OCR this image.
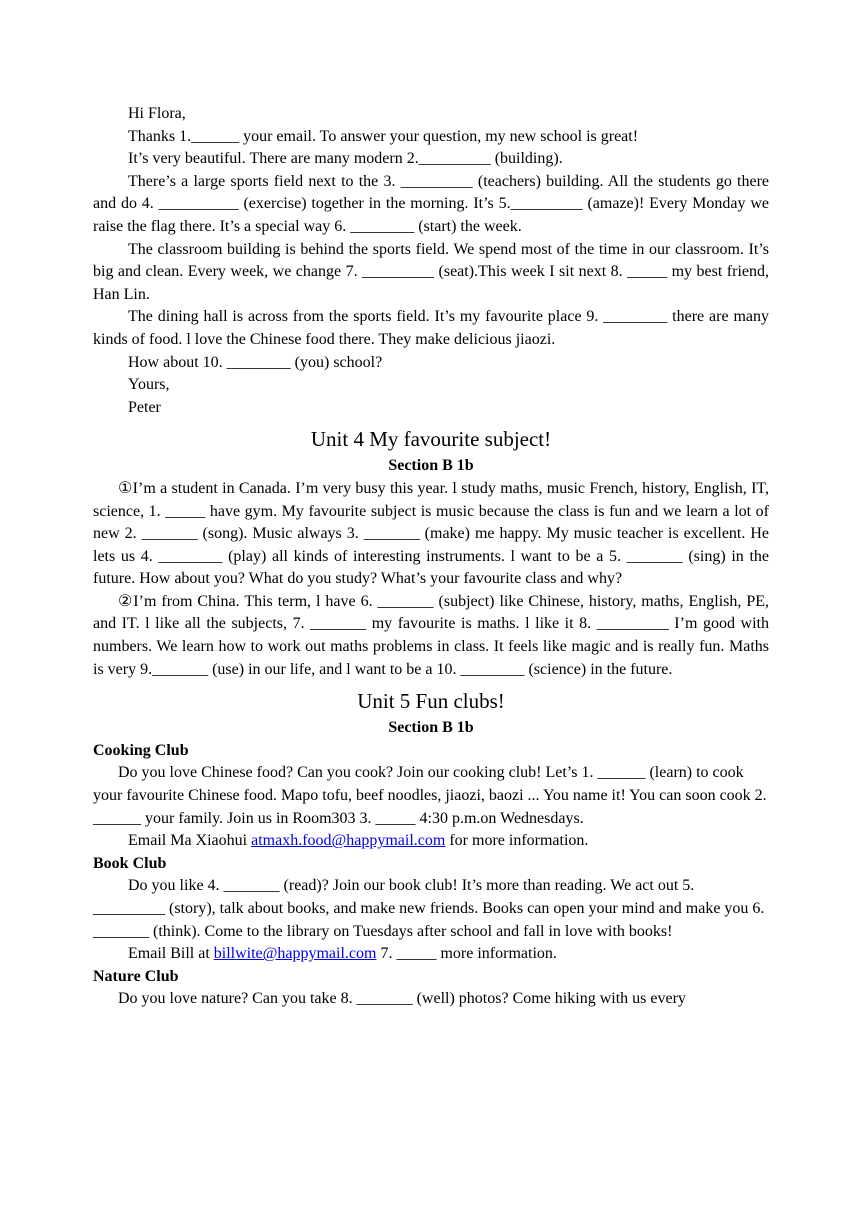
Hi Flora,

Thanks 1.______ your email. To answer your question, my new school is great!

It’s very beautiful. There are many modern 2._________ (building).

There’s a large sports field next to the 3. _________ (teachers) building. All the students go there and do 4. __________ (exercise) together in the morning. It’s 5._________ (amaze)! Every Monday we raise the flag there. It’s a special way 6. ________ (start) the week.

The classroom building is behind the sports field. We spend most of the time in our classroom. It’s big and clean. Every week, we change 7. _________ (seat).This week I sit next 8. _____ my best friend, Han Lin.

The dining hall is across from the sports field. It’s my favourite place 9. ________ there are many kinds of food. l love the Chinese food there. They make delicious jiaozi.

How about 10. ________ (you) school?

Yours,

Peter

Unit 4 My favourite subject!
Section B 1b

①I’m a student in Canada. I’m very busy this year. l study maths, music French, history, English, IT, science, 1. _____ have gym. My favourite subject is music because the class is fun and we learn a lot of new 2. _______ (song). Music always 3. _______ (make) me happy. My music teacher is excellent. He lets us 4. ________ (play) all kinds of interesting instruments. l want to be a 5. _______ (sing) in the future. How about you? What do you study? What’s your favourite class and why?

②I’m from China. This term, l have 6. _______ (subject) like Chinese, history, maths, English, PE, and IT. l like all the subjects, 7. _______ my favourite is maths. l like it 8. _________ I’m good with numbers. We learn how to work out maths problems in class. It feels like magic and is really fun. Maths is very 9._______ (use) in our life, and l want to be a 10. ________ (science) in the future.

Unit 5 Fun clubs!
Section B 1b
Cooking Club

Do you love Chinese food? Can you cook? Join our cooking club! Let’s 1. ______ (learn) to cook your favourite Chinese food. Mapo tofu, beef noodles, jiaozi, baozi ... You name it! You can soon cook 2. ______ your family. Join us in Room303 3. _____ 4:30 p.m.on Wednesdays.

Email Ma Xiaohui atmaxh.food@happymail.com for more information.

Book Club

Do you like 4. _______ (read)? Join our book club! It’s more than reading. We act out 5. _________ (story), talk about books, and make new friends. Books can open your mind and make you 6. _______ (think). Come to the library on Tuesdays after school and fall in love with books!

Email Bill at billwite@happymail.com 7. _____ more information.

Nature Club

Do you love nature? Can you take 8. _______ (well) photos? Come hiking with us every
